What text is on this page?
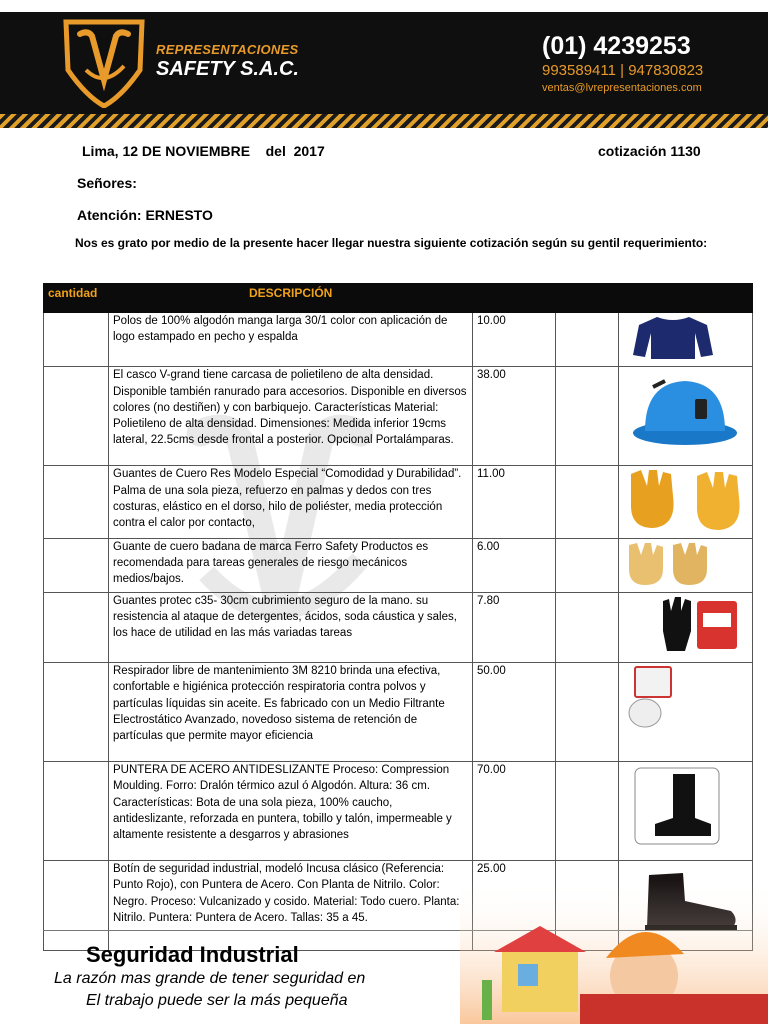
REPRESENTACIONES
SAFETY S.A.C.
(01) 4239253
993589411 | 947830823
ventas@lvrepresentaciones.com
Lima, 12 DE NOVIEMBRE    del  2017	cotización 1130
Señores:
Atención: ERNESTO
Nos es grato por medio de la presente hacer llegar nuestra siguiente cotización según su gentil requerimiento:
cantidad	DESCRIPCIÓN			
	Polos de 100% algodón manga larga 30/1 color con aplicación de logo estampado en pecho y espalda	10.00		
	El casco V-grand tiene carcasa de polietileno de alta densidad. Disponible también ranurado para accesorios. Disponible en diversos colores (no destiñen) y con barbiquejo. Características Material: Polietileno de alta densidad. Dimensiones: Medida inferior 19cms lateral, 22.5cms desde frontal a posterior. Opcional Portalámparas.	38.00		
	Guantes de Cuero Res Modelo Especial “Comodidad y Durabilidad”. Palma de una sola pieza, refuerzo en palmas y dedos con tres costuras, elástico en el dorso, hilo de poliéster, media protección contra el calor por contacto,	11.00		
	Guante de cuero badana de marca Ferro Safety Productos es recomendada para tareas generales de riesgo mecánicos medios/bajos.	6.00		
	Guantes protec c35- 30cm cubrimiento seguro de la mano. su resistencia al ataque de detergentes, ácidos, soda cáustica y sales, los hace de utilidad en las más variadas tareas	7.80		
	Respirador libre de mantenimiento 3M 8210 brinda una efectiva, confortable e higiénica protección respiratoria contra polvos y partículas líquidas sin aceite. Es fabricado con un Medio Filtrante Electrostático Avanzado, novedoso sistema de retención de partículas que permite mayor eficiencia	50.00		
	PUNTERA DE ACERO ANTIDESLIZANTE Proceso: Compression Moulding. Forro: Dralón térmico azul ó Algodón. Altura: 36 cm. Características: Bota de una sola pieza, 100% caucho, antideslizante, reforzada en puntera, tobillo y talón, impermeable y altamente resistente a desgarros y abrasiones	70.00		
	Botín de seguridad industrial, modeló Incusa clásico (Referencia: Punto Rojo), con Puntera de Acero. Con Planta de Nitrilo. Color: Negro. Proceso: Vulcanizado y cosido. Material: Todo cuero. Planta: Nitrilo. Puntera: Puntera de Acero. Tallas: 35 a 45.	25.00		
Seguridad Industrial
La razón mas grande de tener seguridad en
El trabajo puede ser la más pequeña
